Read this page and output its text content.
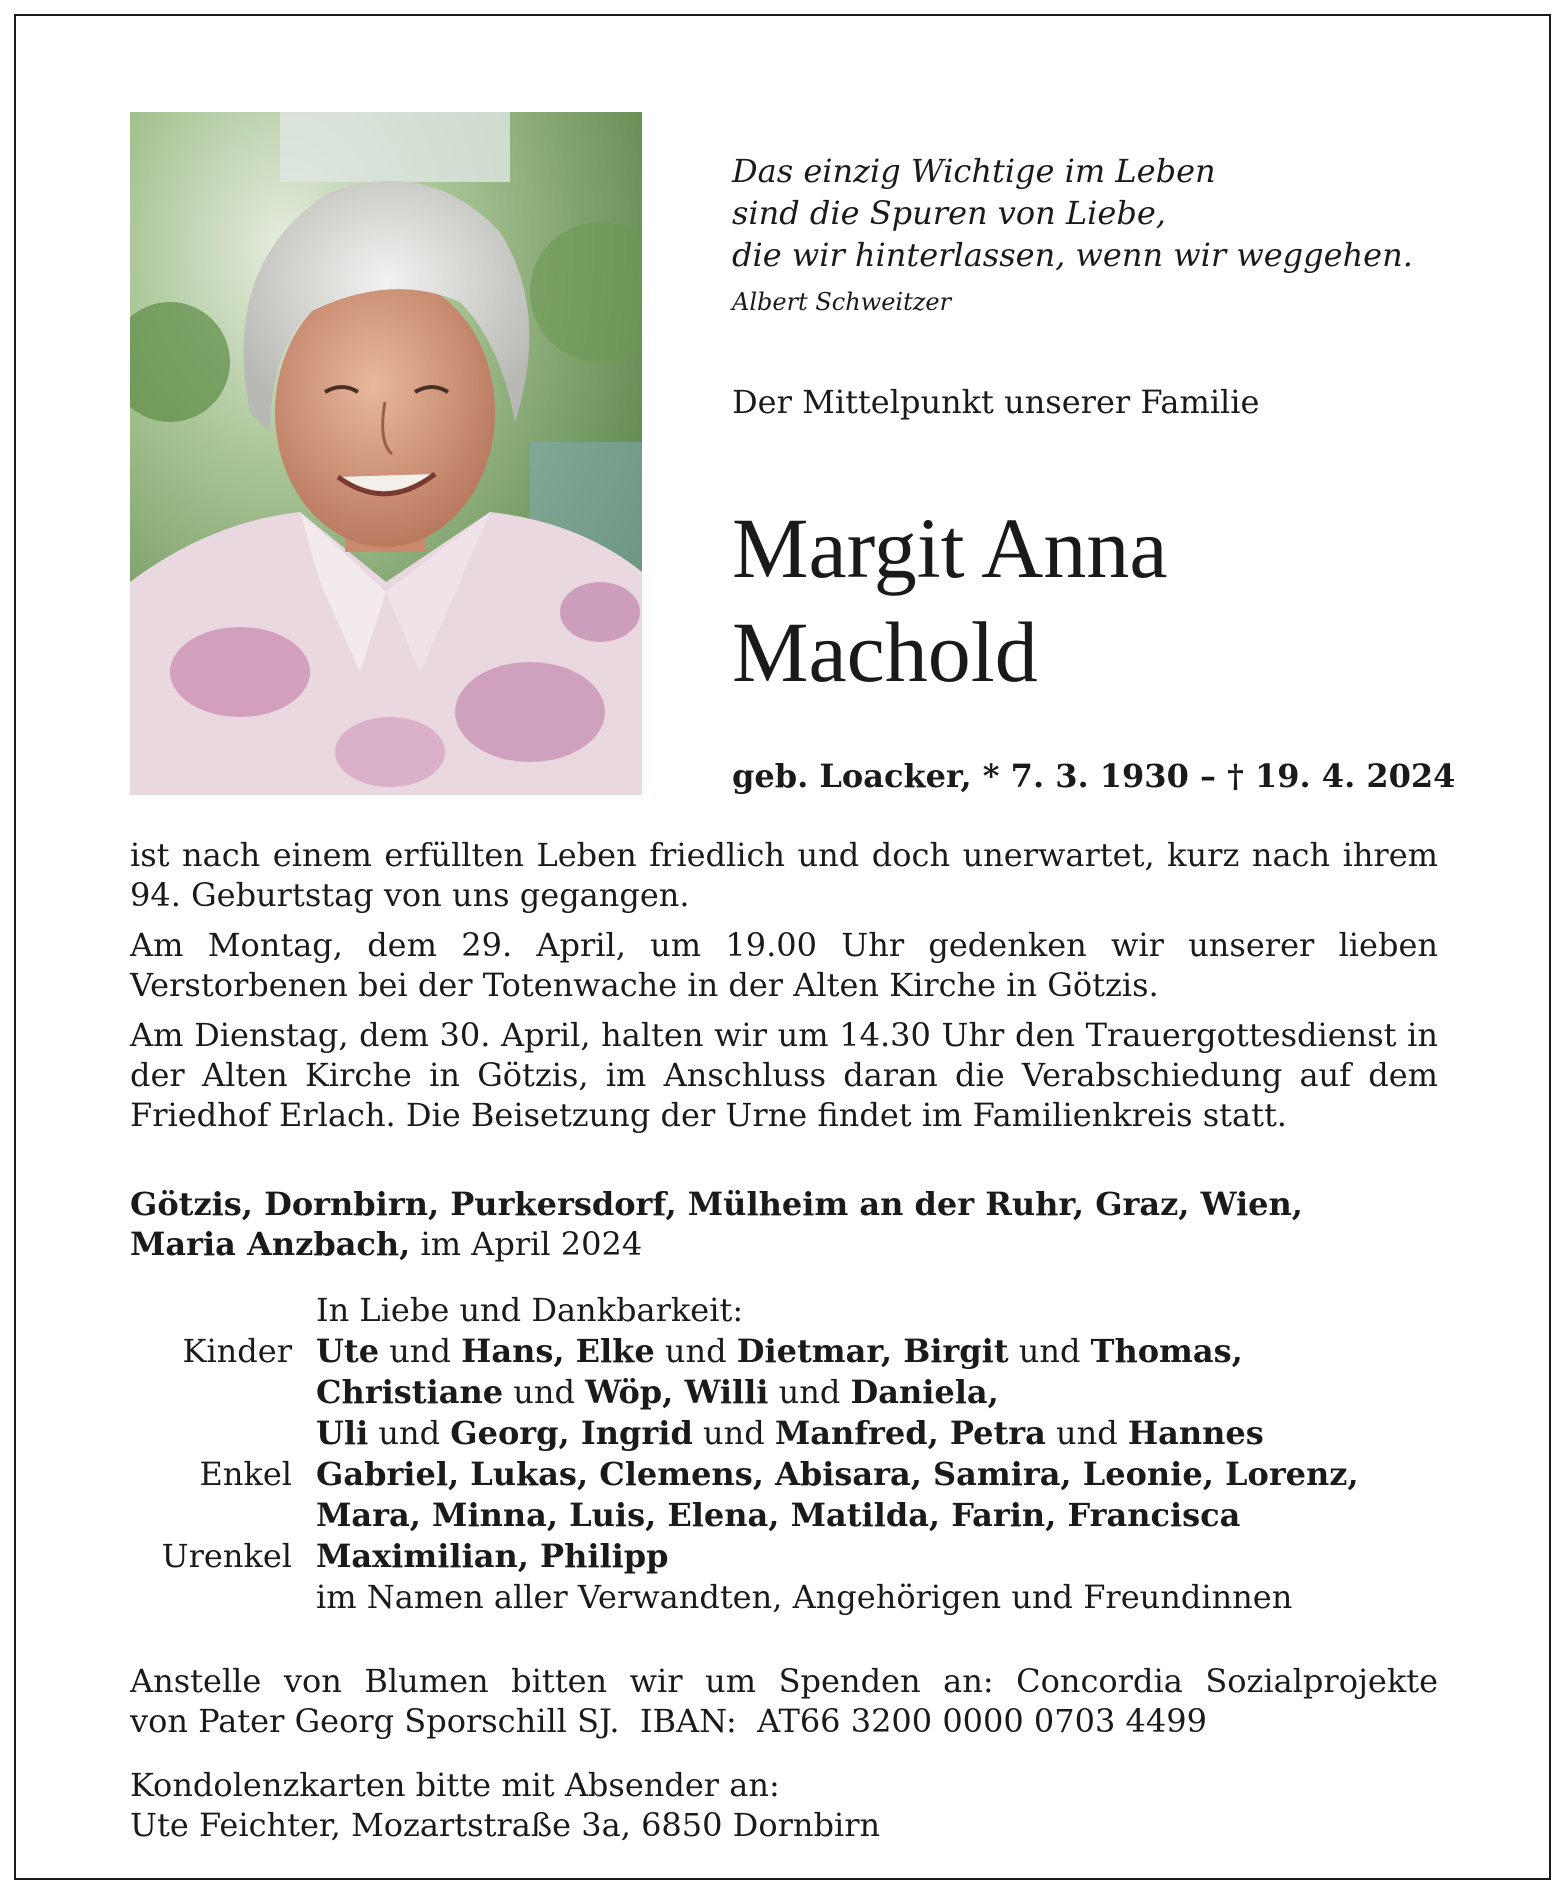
Das einzig Wichtige im Leben
sind die Spuren von Liebe,
die wir hinterlassen, wenn wir weggehen.
Albert Schweitzer
Der Mittelpunkt unserer Familie
Margit Anna
Machold
geb. Loacker, * 7. 3. 1930 – † 19. 4. 2024

ist nach einem erfüllten Leben friedlich und doch unerwartet, kurz nach ihrem 94. Geburtstag von uns gegangen.

Am Montag, dem 29. April, um 19.00 Uhr gedenken wir unserer lieben Verstorbenen bei der Totenwache in der Alten Kirche in Götzis.

Am Dienstag, dem 30. April, halten wir um 14.30 Uhr den Trauergottesdienst in der Alten Kirche in Götzis, im Anschluss daran die Verabschiedung auf dem Friedhof Erlach. Die Beisetzung der Urne findet im Familienkreis statt.

Götzis, Dornbirn, Purkersdorf, Mülheim an der Ruhr, Graz, Wien,
Maria Anzbach, im April 2024
In Liebe und Dankbarkeit:
Kinder Ute und Hans, Elke und Dietmar, Birgit und Thomas,
Christiane und Wöp, Willi und Daniela,
Uli und Georg, Ingrid und Manfred, Petra und Hannes
Enkel Gabriel, Lukas, Clemens, Abisara, Samira, Leonie, Lorenz,
Mara, Minna, Luis, Elena, Matilda, Farin, Francisca
Urenkel Maximilian, Philipp
im Namen aller Verwandten, Angehörigen und Freundinnen
Anstelle von Blumen bitten wir um Spenden an: Concordia Sozialprojekte
von Pater Georg Sporschill SJ.  IBAN:  AT66 3200 0000 0703 4499
Kondolenzkarten bitte mit Absender an:
Ute Feichter, Mozartstraße 3a, 6850 Dornbirn
